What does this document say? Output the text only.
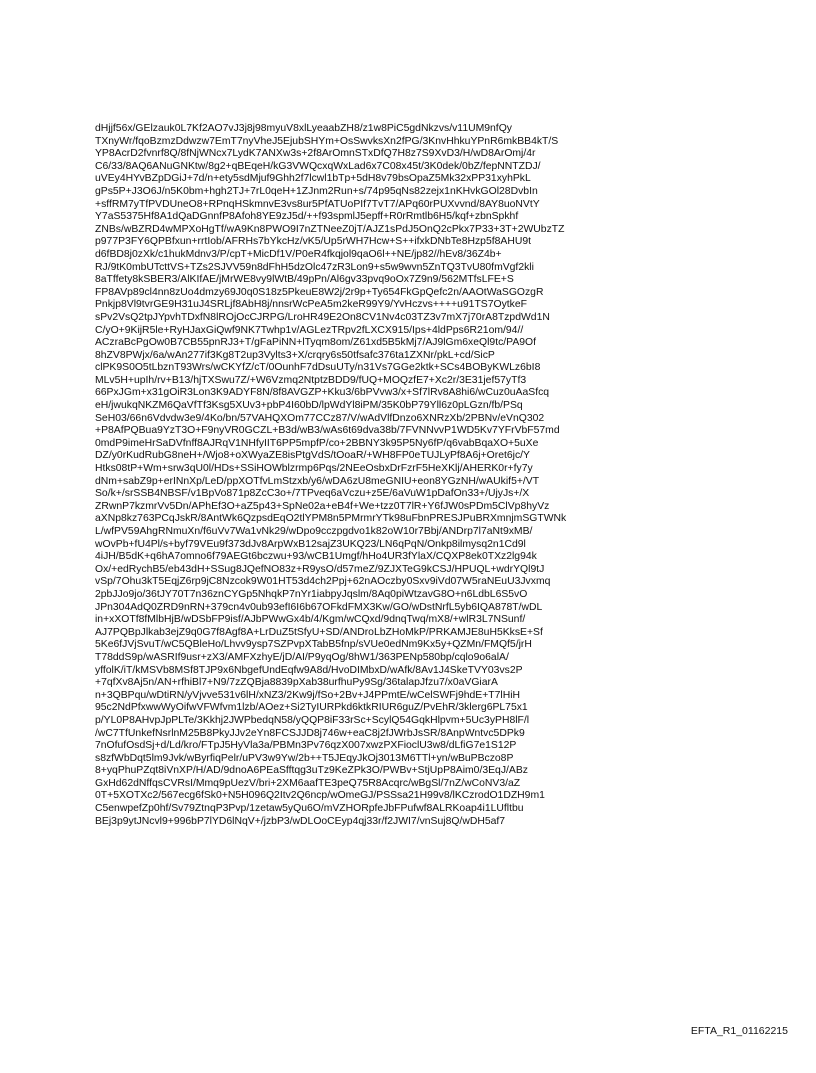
dHjjf56x/GElzauk0L7Kf2AO7vJ3j8j98myuV8xlLyeaabZH8/z1w8PiC5gdNkzvs/v11UM9nfQy
TXnyWr/fqoBzmzDdwzw7EmT7nyVheJ5EjubSHYm+OsSwvksXn2fPG/3KnvHhkuYPnR6mkBB4kT/S
YP8AcrD2fvnrf8Q/8fNjWNcx7LydK7ANXw3s+2f8ArOmnSTxDfQ7H8z7S9XvD3/H/wD8ArOmj/4r
C6/33/8AQ6ANuGNKtw/8g2+qBEqeH/kG3VWQcxqWxLad6x7C08x45t/3K0dek/0bZ/fepNNTZDJ/
uVEy4HYvBZpDGiJ+7d/n+ety5sdMjuf9Ghh2f7lcwl1bTp+5dH8v79bsOpaZ5Mk32xPP31xyhPkL
gPs5P+J3O6J/n5K0bm+hgh2TJ+7rL0qeH+1ZJnm2Run+s/74p95qNs82zejx1nKHvkGOl28DvbIn
+sffRM7yTfPVDUneO8+RPnqHSkmnvE3vs8ur5PfATUoPIf7TvT7/APq60rPUXvvnd/8AY8uoNVtY
Y7aS5375Hf8A1dQaDGnnfP8Afoh8YE9zJ5d/++f93spmlJ5epff+R0rRmtlb6H5/kqf+zbnSpkhf
ZNBs/wBZRD4wMPXoHgTf/wA9Kn8PWO9I7nZTNeeZ0jT/AJZ1sPdJ5OnQ2cPkx7P33+3T+2WUbzTZ
p977P3FY6QPBfxun+rrtIob/AFRHs7bYkcHz/vK5/Up5rWH7Hcw+S++ifxkDNbTe8Hzp5f8AHU9t
d6fBD8j0zXk/c1hukMdnv3/P/cpT+MicDf1V/P0eR4fkqjol9qaO6l++NE/jp82//hEv8/36Z4b+
RJ/9tK0mbUTcttVS+TZs2SJVV59n8dFhH5dzOlc47zR3Lon9+s5w9wvn5ZnTQ3TvU80fmVgf2kli
8aTffety8kSBER3/AlKIfAE/jMrWE8vy9lWtB/49pPn/Al6gv33pvq9oOx7Z9n9/562MTfsLFE+S
FP8AVp89cl4nn8zUo4dmzy69J0q0S18z5PkeuE8W2j/2r9p+Ty654FkGpQefc2n/AAOtWaSGOzgR
Pnkjp8Vl9tvrGE9H31uJ4SRLjf8AbH8j/nnsrWcPeA5m2keR99Y9/YvHczvs++++u91TS7OytkeF
sPv2VsQ2tpJYpvhTDxfN8lROjOcCJRPG/LroHR49E2On8CV1Nv4c03TZ3v7mX7j70rA8TzpdWd1N
C/yO+9KijR5le+RyHJaxGiQwf9NK7Twhp1v/AGLezTRpv2fLXCX915/Ips+4ldPps6R21om/94//
ACzraBcPgOw0B7CB55pnRJ3+T/gFaPiNN+lTyqm8om/Z61xd5B5kMj7/AJ9lGm6xeQl9tc/PA9Of
8hZV8PWjx/6a/wAn277if3Kg8T2up3Vylts3+X/crqry6s50tfsafc376ta1ZXNr/pkL+cd/SicP
clPK9S0O5tLbznT93Wrs/wCKYfZ/cT/0OunhF7dDsuUTy/n31Vs7GGe2ktk+SCs4BOByKWLz6bI8
MLv5H+upIh/rv+B13/hjTXSwu7Z/+W6Vzmq2NtptzBDD9/fUQ+MOQzfE7+Xc2r/3E31jef57yTf3
66PxJGm+x31gOiR3Lon3K9ADYF8N/8f8AVGZP+Kku3/6bPVvw3/x+Sf7lRv8A8hi6/wCuz0uAaSfcq
eH/jwukqNKZM6QaVfTf3Ksg5XUv3+pbP4I60bD/lpWdYl8iPM/35K0bP79Yll6z0pLGzn/fb/PSq
SeH03/66n6Vdvdw3e9/4Ko/bn/57VAHQXOm77CCz87/V/wAdVlfDnzo6XNRzXb/2PBNv/eVnQ302
+P8AfPQBua9YzT3O+F9nyVR0GCZL+B3d/wB3/wAs6t69dva38b/7FVNNvvP1WD5Kv7YFrVbF57md
0mdP9imeHrSaDVfnff8AJRqV1NHfyIIT6PP5mpfP/co+2BBNY3k95P5Ny6fP/q6vabBqaXO+5uXe
DZ/y0rKudRubG8neH+/Wjo8+oXWyaZE8isPtgVdS/tOoaR/+WH8FP0eTUJLyPf8A6j+Oret6jc/Y
Htks08tP+Wm+srw3qU0l/HDs+SSiHOWblzrmp6Pqs/2NEeOsbxDrFzrF5HeXKlj/AHERK0r+fy7y
dNm+sabZ9p+erINnXp/LeD/ppXOTfvLmStzxb/y6/wDA6zU8meGNIU+eon8YGzNH/wAUkif5+/VT
So/k+/srSSB4NBSF/v1BpVo871p8ZcC3o+/7TPveq6aVczu+z5E/6aVuW1pDafOn33+/UjyJs+/X
ZRwnP7kzmrVv5Dn/APhEf3O+aZ5p43+SpNe02a+eB4f+We+tzz0T7lR+Y6fJW0sPDm5ClVp8hyVz
aXNp8kz763PCqJskR/8AntWk6QzpsdEqO2tlYPM8n5PMrmrYTk98uFbnPRESJPuBRXmnjmSGTWNk
L/wfPV59AhgRNmuXn/f6uVv7Wa1vNk29/wDpo9cczpgdvo1k82oW10r7Bbj/ANDrp7l7aNt9xMB/
wOvPb+fU4Pl/s+byf79VEu9f373dJv8ArpWxB12sajZ3UKQ23/LN6qPqN/Onkp8ilmysq2n1Cd9l
4iJH/B5dK+q6hA7omno6f79AEGt6bczwu+93/wCB1Umgf/hHo4UR3fYlaX/CQXP8ek0TXz2lg94k
Ox/+edRychB5/eb43dH+SSug8JQefNO83z+R9ysO/d57meZ/9ZJXTeG9kCSJ/HPUQL+wdrYQl9tJ
vSp/7Ohu3kT5EqjZ6rp9jC8Nzcok9W01HT53d4ch2Ppj+62nAOczby0Sxv9iVd07W5raNEuU3Jvxmq
2pbJJo9jo/36tJY70T7n36znCYGp5NhqkP7nYr1iabpyJqslm/8Aq0piWtzavG8O+n6LdbL6S5vO
JPn304AdQ0ZRD9nRN+379cn4v0ub93efI6I6b67OFkdFMX3Kw/GO/wDstNrfL5yb6IQA878T/wDL
in+xXOTf8fMlbHjB/wDSbFP9isf/AJbPWwGx4b/4/Kgm/wCQxd/9dnqTwq/mX8/+wlR3L7NSunf/
AJ7PQBpJlkab3ejZ9q0G7f8Agf8A+LrDuZ5tSfyU+SD/ANDroLbZHoMkP/PRKAMJE8uH5KksE+Sf
5Ke6fJVjSvuT/wC5QBleHo/Lhvv9ysp7SZPvpXTabB5fnp/sVUe0edNm9Kx5y+QZMn/FMQf5/jrH
T78ddS9p/wASRIf9usr+zX3/AMFXzhyE/jD/AI/P9yqOg/8hW1/363PENp580bp/cqlo9o6alA/
yffolK/iT/kMSVb8MSf8TJP9x6NbgefUndEqfw9A8d/HvoDIMbxD/wAfk/8Av1J4SkeTVY03vs2P
+7qfXv8Aj5n/AN+rfhiBl7+N9/7zZQBja8839pXab38urfhuPy9Sg/36talapJfzu7/x0aVGiarA
n+3QBPqu/wDtiRN/yVjvve531v6lH/xNZ3/2Kw9j/fSo+2Bv+J4PPmtE/wCelSWFj9hdE+T7lHiH
95c2NdPfxwwWyOifwVFWfvm1lzb/AOez+Si2TyIURPkd6ktkRIUR6guZ/PvEhR/3klerg6PL75x1
p/YL0P8AHvpJpPLTe/3Kkhj2JWPbedqN58/yQQP8iF33rSc+ScylQ54GqkHlpvm+5Uc3yPH8lF/l
/wC7TfUnkefNsrlnM25B8PkyJJv2eYn8FCSJJD8j746w+eaC8j2fJWrbJsSR/8AnpWntvc5DPk9
7nOfufOsdSj+d/Ld/kro/FTpJ5HyVla3a/PBMn3Pv76qzX007xwzPXFioclU3w8/dLfiG7e1S12P
s8zfWbDqt5lm9Jvk/wByrfiqPelr/uPV3w9Yw/2b++T5JEqyJkOj3013M6TTl+yn/wBuPBczo8P
8+yqPhuPZqt8iVnXP/H/AD/9dnoA6PEaSfftqg3uTz9KeZPk3O/PWBv+StjUpP8Aim0/3EqJ/ABz
GxHd62dNffqsCVRsI/Mmq9pUezV/bri+2XM6aafTE3peQ75R8Acqrc/wBgSl/7nZ/wCoNV3/aZ
0T+5XOTXc2/567ecg6fSk0+N5H096Q2Itv2Q6ncp/wOmeGJ/PSSsa21H99v8/lKCzrodO1DZH9m1
C5enwpefZp0hf/Sv79ZtnqP3Pvp/1zetaw5yQu6O/mVZHORpfeJbFPufwf8ALRKoap4i1LUfltbu
BEj3p9ytJNcvl9+996bP7lYD6lNqV+/jzbP3/wDLOoCEyp4qj33r/f2JWI7/vnSuj8Q/wDH5af7
EFTA_R1_01162215
